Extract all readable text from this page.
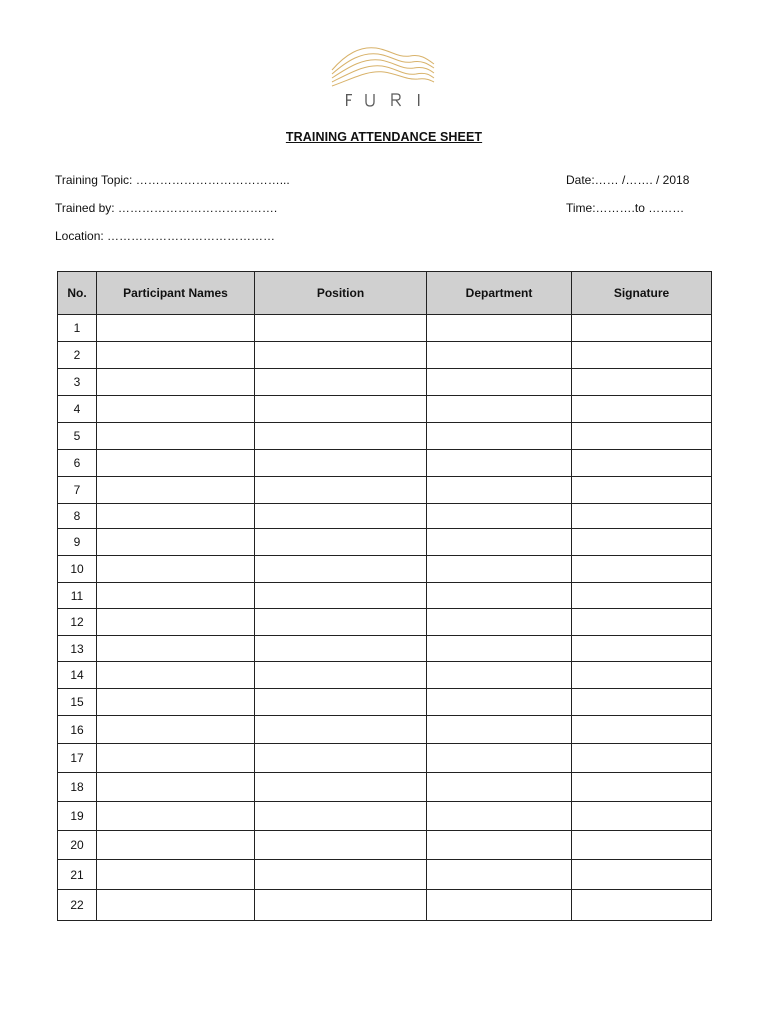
TRAINING ATTENDANCE SHEET
Training Topic: ………………………………...
Trained by: ………………………………….
Location: ……………………………………
Date:…… /……. / 2018
Time:……….to ………
No.	Participant Names	Position	Department	Signature
1				
2				
3				
4				
5				
6				
7				
8				
9				
10				
11				
12				
13				
14				
15				
16				
17				
18				
19				
20				
21				
22				
